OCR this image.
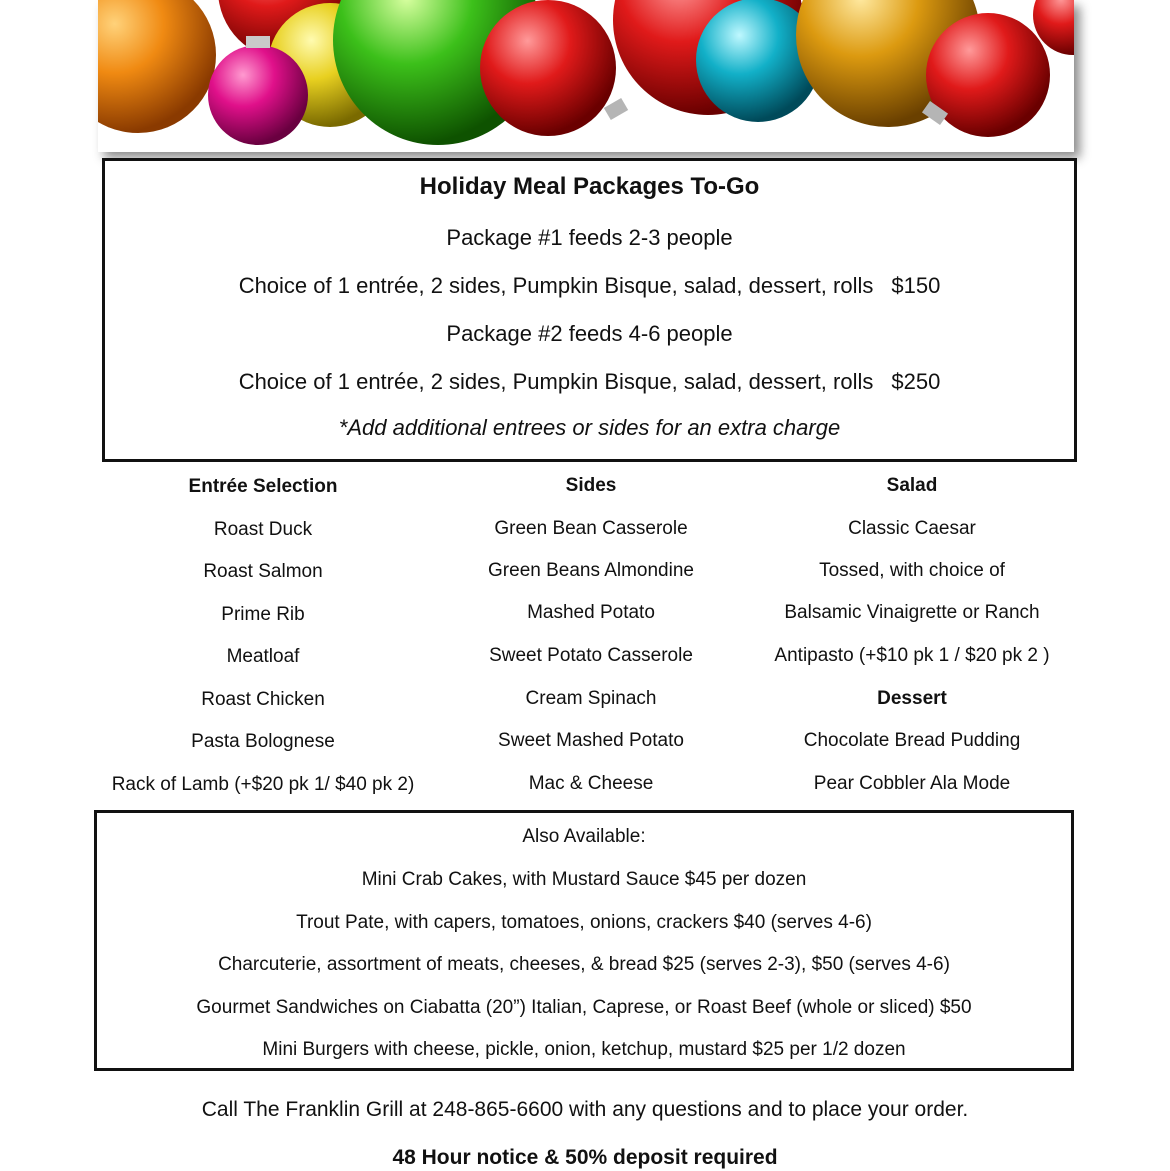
Holiday Meal Packages To-Go
Package #1 feeds 2-3 people
Choice of 1 entrée, 2 sides, Pumpkin Bisque, salad, dessert, rolls $150
Package #2 feeds 4-6 people
Choice of 1 entrée, 2 sides, Pumpkin Bisque, salad, dessert, rolls $250
*Add additional entrees or sides for an extra charge
Entrée Selection
Roast Duck
Roast Salmon
Prime Rib
Meatloaf
Roast Chicken
Pasta Bolognese
Rack of Lamb (+$20 pk 1/ $40 pk 2)
Sides
Green Bean Casserole
Green Beans Almondine
Mashed Potato
Sweet Potato Casserole
Cream Spinach
Sweet Mashed Potato
Mac & Cheese
Salad
Classic Caesar
Tossed, with choice of
Balsamic Vinaigrette or Ranch
Antipasto (+$10 pk 1 / $20 pk 2 )
Dessert
Chocolate Bread Pudding
Pear Cobbler Ala Mode
Also Available:
Mini Crab Cakes, with Mustard Sauce $45 per dozen
Trout Pate, with capers, tomatoes, onions, crackers $40 (serves 4-6)
Charcuterie, assortment of meats, cheeses, & bread $25 (serves 2-3), $50 (serves 4-6)
Gourmet Sandwiches on Ciabatta (20”) Italian, Caprese, or Roast Beef (whole or sliced) $50
Mini Burgers with cheese, pickle, onion, ketchup, mustard $25 per 1/2 dozen
Call The Franklin Grill at 248-865-6600 with any questions and to place your order.
48 Hour notice & 50% deposit required
